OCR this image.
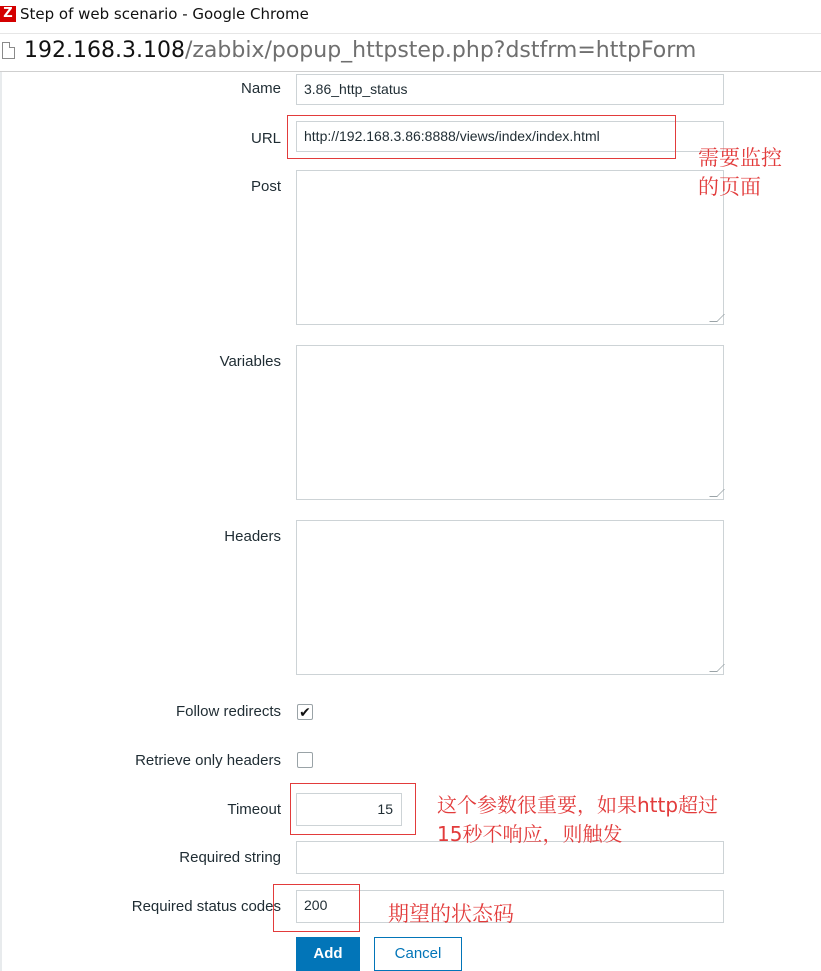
Z Step of web scenario - Google Chrome
192.168.3.108/zabbix/popup_httpstep.php?dstfrm=httpForm
Name	3.86_http_status
URL	http://192.168.3.86:8888/views/index/index.html
Post
Variables
Headers
Follow redirects ✔
Retrieve only headers
Timeout	15
Required string
Required status codes	200
Add	Cancel
需要监控
的页面
这个参数很重要，如果http超过
15秒不响应，则触发
期望的状态码
